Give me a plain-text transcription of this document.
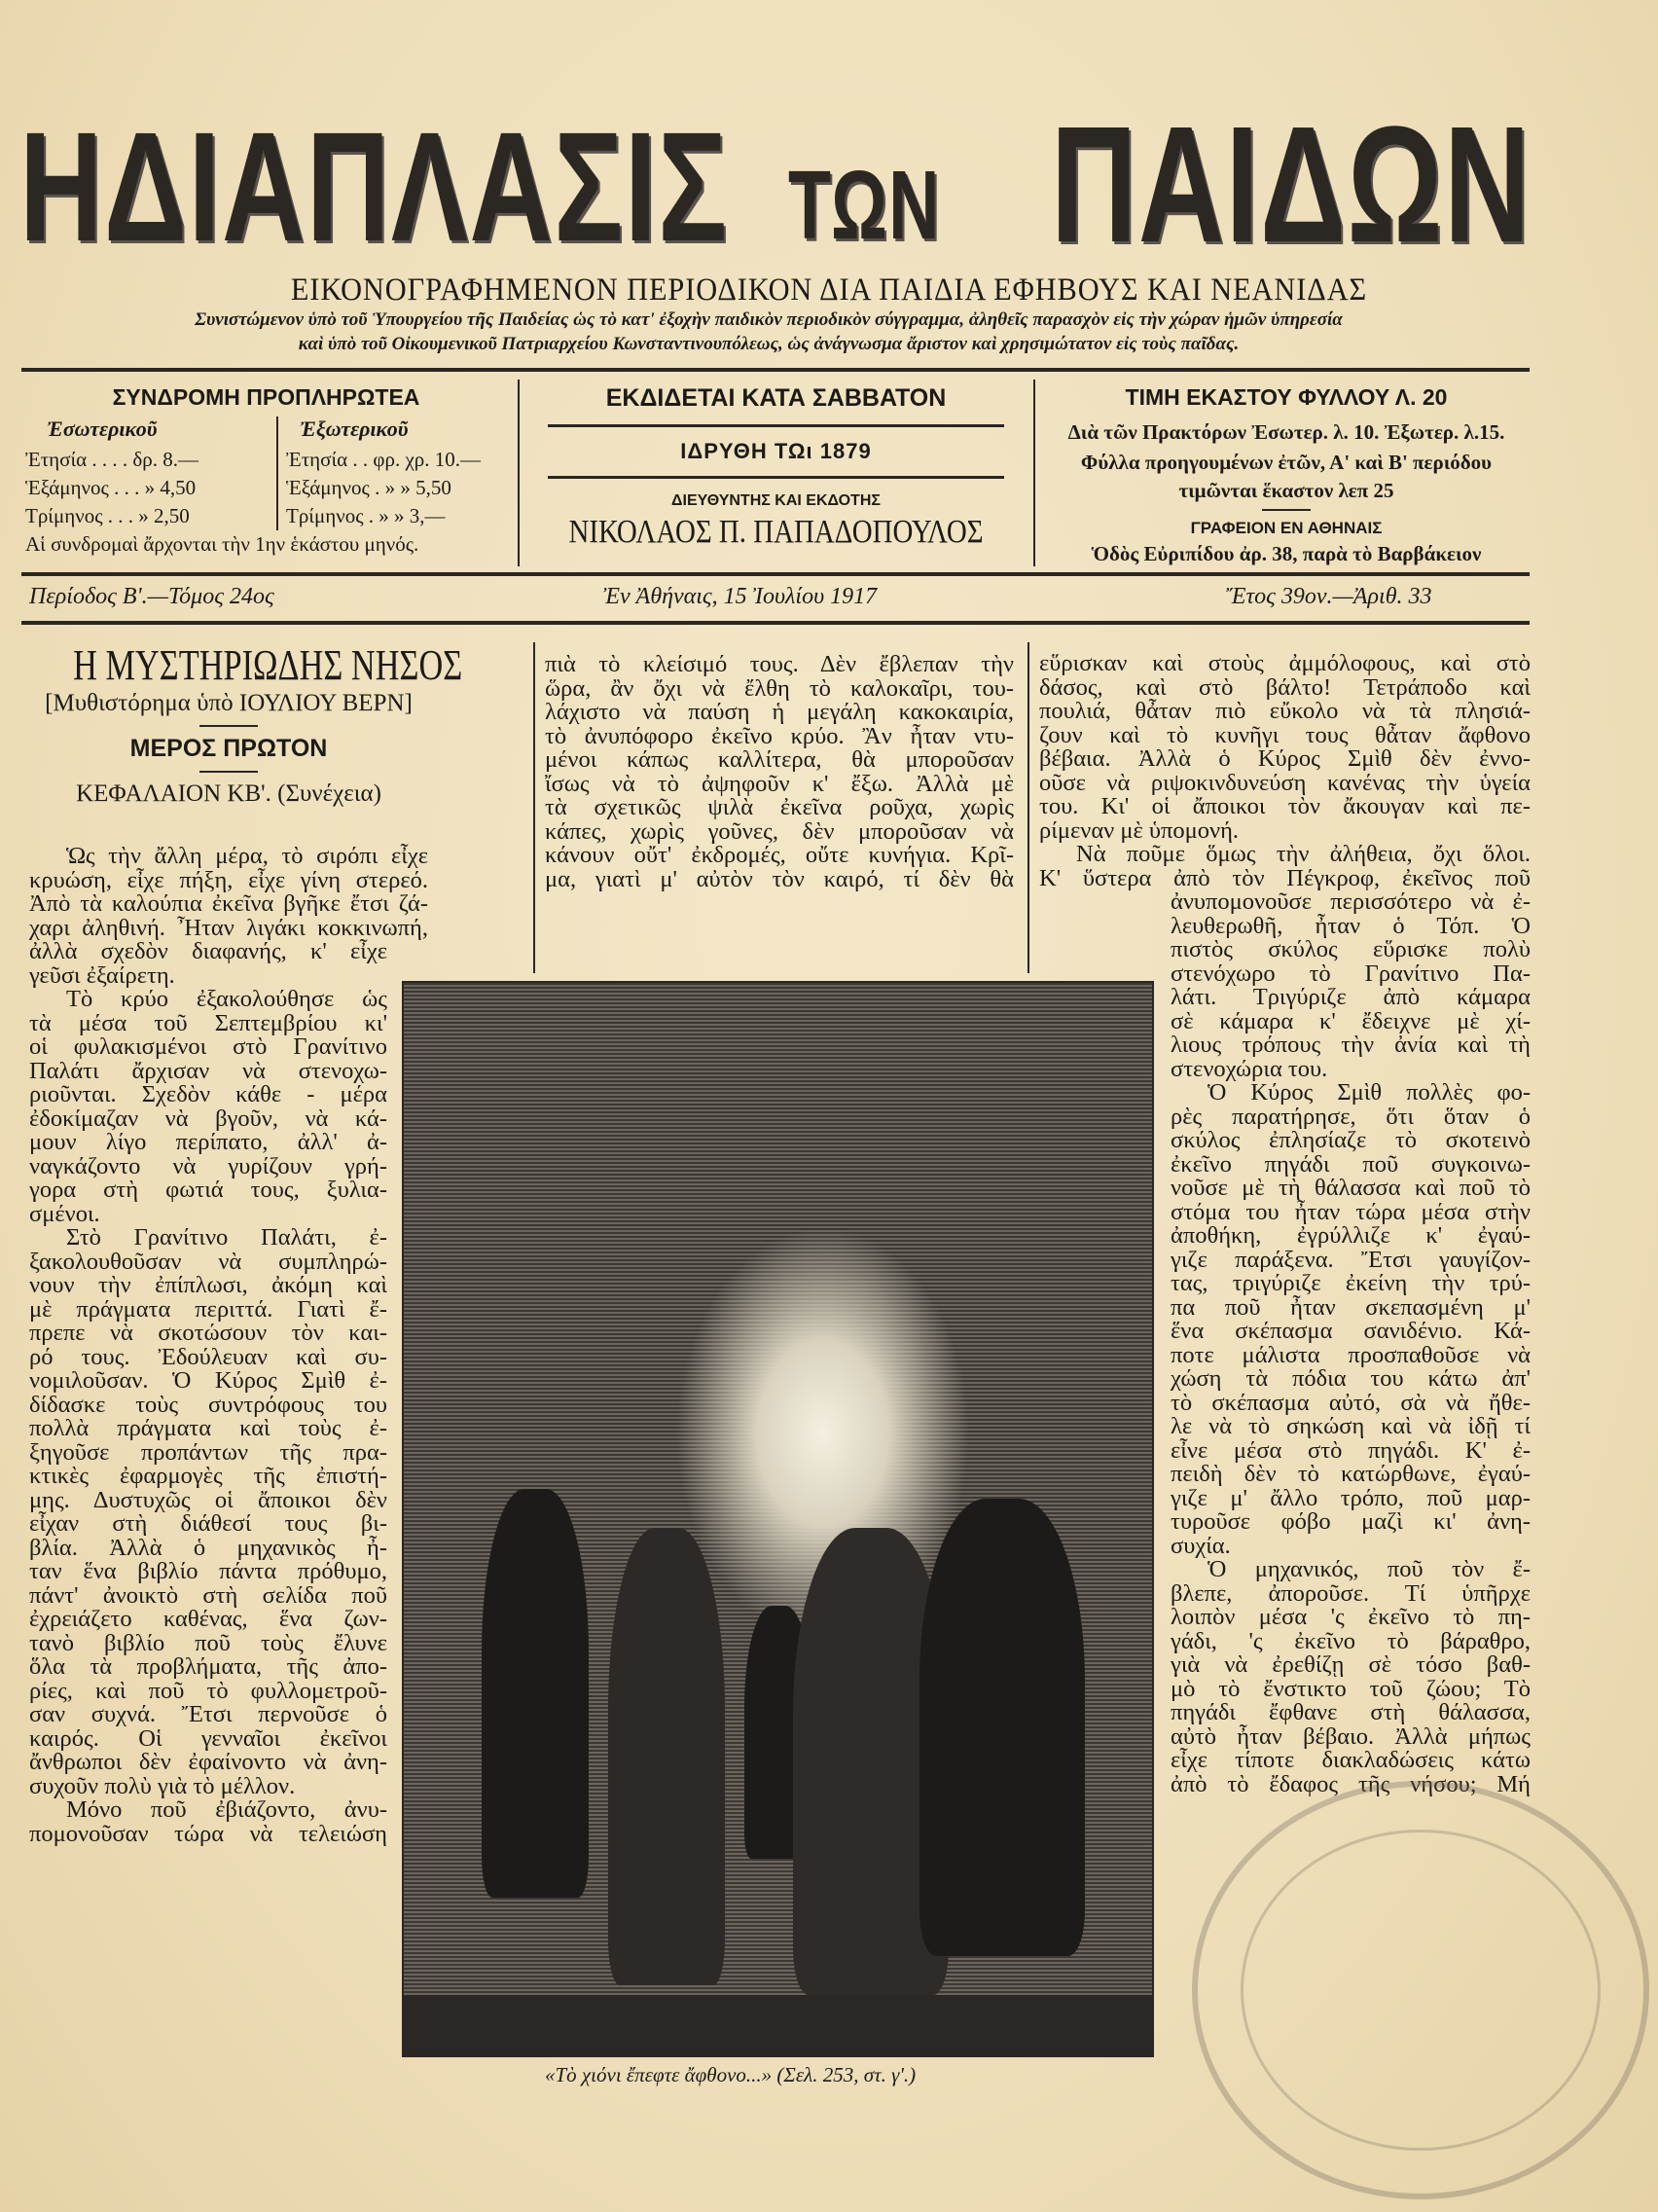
ΗΔΙΑΠΛΑΣΙΣ ΤΩΝ ΠΑΙΔΩΝ
ΕΙΚΟΝΟΓΡΑΦΗΜΕΝΟΝ ΠΕΡΙΟΔΙΚΟΝ ΔΙΑ ΠΑΙΔΙΑ ΕΦΗΒΟΥΣ ΚΑΙ ΝΕΑΝΙΔΑΣ
Συνιστώμενον ὑπὸ τοῦ Ὑπουργείου τῆς Παιδείας ὡς τὸ κατ' ἐξοχὴν παιδικὸν περιοδικὸν σύγγραμμα, ἀληθεῖς παρασχὸν εἰς τὴν χώραν ἡμῶν ὑπηρεσία
καὶ ὑπὸ τοῦ Οἰκουμενικοῦ Πατριαρχείου Κωνσταντινουπόλεως, ὡς ἀνάγνωσμα ἄριστον καὶ χρησιμώτατον εἰς τοὺς παῖδας.
ΣΥΝΔΡΟΜΗ ΠΡΟΠΛΗΡΩΤΕΑ
Ἐσωτερικοῦ
Ἐτησία . . . . δρ. 8.—
Ἑξάμηνος . . . » 4,50
Τρίμηνος . . . » 2,50
Ἐξωτερικοῦ
Ἐτησία . . φρ. χρ. 10.—
Ἑξάμηνος . » » 5,50
Τρίμηνος . » » 3,—
Αἱ συνδρομαὶ ἄρχονται τὴν 1ην ἑκάστου μηνός.
ΕΚΔΙΔΕΤΑΙ ΚΑΤΑ ΣΑΒΒΑΤΟΝ
ΙΔΡΥΘΗ ΤΩι 1879
ΔΙΕΥΘΥΝΤΗΣ ΚΑΙ ΕΚΔΟΤΗΣ
ΝΙΚΟΛΑΟΣ Π. ΠΑΠΑΔΟΠΟΥΛΟΣ
ΤΙΜΗ ΕΚΑΣΤΟΥ ΦΥΛΛΟΥ Λ. 20
Διὰ τῶν Πρακτόρων Ἐσωτερ. λ. 10. Ἐξωτερ. λ.15.
Φύλλα προηγουμένων ἐτῶν, Α' καὶ Β' περιόδου
τιμῶνται ἕκαστον λεπ 25
ΓΡΑΦΕΙΟΝ ΕΝ ΑΘΗΝΑΙΣ
Ὁδὸς Εὐριπίδου ἀρ. 38, παρὰ τὸ Βαρβάκειον
Περίοδος Β'.—Τόμος 24ος	Ἐν Ἀθήναις, 15 Ἰουλίου 1917	Ἔτος 39ον.—Ἀριθ. 33
Η ΜΥΣΤΗΡΙΩΔΗΣ ΝΗΣΟΣ
[Μυθιστόρημα ὑπὸ ΙΟΥΛΙΟΥ ΒΕΡΝ]
ΜΕΡΟΣ ΠΡΩΤΟΝ
ΚΕΦΑΛΑΙΟΝ ΚΒ'. (Συνέχεια)
Ὡς τὴν ἄλλη μέρα, τὸ σιρόπι εἶχε
κρυώση, εἶχε πήξη, εἶχε γίνη στερεό.
Ἀπὸ τὰ καλούπια ἐκεῖνα βγῆκε ἔτσι ζά-
χαρι ἀληθινή. Ἦταν λιγάκι κοκκινωπή,
ἀλλὰ σχεδὸν διαφανής, κ' εἶχε
γεῦσι ἐξαίρετη.
Τὸ κρύο ἐξακολούθησε ὡς
τὰ μέσα τοῦ Σεπτεμβρίου κι'
οἱ φυλακισμένοι στὸ Γρανίτινο
Παλάτι ἄρχισαν νὰ στενοχω-
ριοῦνται. Σχεδὸν κάθε - μέρα
ἐδοκίμαζαν νὰ βγοῦν, νὰ κά-
μουν λίγο περίπατο, ἀλλ' ἀ-
ναγκάζοντο νὰ γυρίζουν γρή-
γορα στὴ φωτιά τους, ξυλια-
σμένοι.
Στὸ Γρανίτινο Παλάτι, ἐ-
ξακολουθοῦσαν νὰ συμπληρώ-
νουν τὴν ἐπίπλωσι, ἀκόμη καὶ
μὲ πράγματα περιττά. Γιατὶ ἔ-
πρεπε νὰ σκοτώσουν τὸν και-
ρό τους. Ἐδούλευαν καὶ συ-
νομιλοῦσαν. Ὁ Κύρος Σμὶθ ἐ-
δίδασκε τοὺς συντρόφους του
πολλὰ πράγματα καὶ τοὺς ἐ-
ξηγοῦσε προπάντων τῆς πρα-
κτικὲς ἐφαρμογὲς τῆς ἐπιστή-
μης. Δυστυχῶς οἱ ἄποικοι δὲν
εἶχαν στὴ διάθεσί τους βι-
βλία. Ἀλλὰ ὁ μηχανικὸς ἦ-
ταν ἕνα βιβλίο πάντα πρόθυμο,
πάντ' ἀνοικτὸ στὴ σελίδα ποῦ
ἐχρειάζετο καθένας, ἕνα ζων-
τανὸ βιβλίο ποῦ τοὺς ἔλυνε
ὅλα τὰ προβλήματα, τῆς ἀπο-
ρίες, καὶ ποῦ τὸ φυλλομετροῦ-
σαν συχνά. Ἔτσι περνοῦσε ὁ
καιρός. Οἱ γενναῖοι ἐκεῖνοι
ἄνθρωποι δὲν ἐφαίνοντο νὰ ἀνη-
συχοῦν πολὺ γιὰ τὸ μέλλον.
Μόνο ποῦ ἐβιάζοντο, ἀνυ-
πομονοῦσαν τώρα νὰ τελειώση
πιὰ τὸ κλείσιμό τους. Δὲν ἔβλεπαν τὴν
ὥρα, ἂν ὄχι νὰ ἔλθη τὸ καλοκαῖρι, του-
λάχιστο νὰ παύση ἡ μεγάλη κακοκαιρία,
τὸ ἀνυπόφορο ἐκεῖνο κρύο. Ἂν ἦταν ντυ-
μένοι κάπως καλλίτερα, θὰ μποροῦσαν
ἴσως νὰ τὸ ἀψηφοῦν κ' ἔξω. Ἀλλὰ μὲ
τὰ σχετικῶς ψιλὰ ἐκεῖνα ροῦχα, χωρὶς
κάπες, χωρὶς γοῦνες, δὲν μποροῦσαν νὰ
κάνουν οὔτ' ἐκδρομές, οὔτε κυνήγια. Κρῖ-
μα, γιατὶ μ' αὐτὸν τὸν καιρό, τί δὲν θὰ
εὕρισκαν καὶ στοὺς ἀμμόλοφους, καὶ στὸ
δάσος, καὶ στὸ βάλτο! Τετράποδο καὶ
πουλιά, θἆταν πιὸ εὔκολο νὰ τὰ πλησιά-
ζουν καὶ τὸ κυνῆγι τους θἆταν ἄφθονο
βέβαια. Ἀλλὰ ὁ Κύρος Σμὶθ δὲν ἐννο-
οῦσε νὰ ριψοκινδυνεύση κανένας τὴν ὑγεία
του. Κι' οἱ ἄποικοι τὸν ἄκουγαν καὶ πε-
ρίμεναν μὲ ὑπομονή.
Νὰ ποῦμε ὅμως τὴν ἀλήθεια, ὄχι ὅλοι.
Κ' ὕστερα ἀπὸ τὸν Πέγκροφ, ἐκεῖνος ποῦ
ἀνυπομονοῦσε περισσότερο νὰ ἐ-
λευθερωθῆ, ἦταν ὁ Τόπ. Ὁ
πιστὸς σκύλος εὕρισκε πολὺ
στενόχωρο τὸ Γρανίτινο Πα-
λάτι. Τριγύριζε ἀπὸ κάμαρα
σὲ κάμαρα κ' ἔδειχνε μὲ χί-
λιους τρόπους τὴν ἀνία καὶ τὴ
στενοχώρια του.
Ὁ Κύρος Σμὶθ πολλὲς φο-
ρὲς παρατήρησε, ὅτι ὅταν ὁ
σκύλος ἐπλησίαζε τὸ σκοτεινὸ
ἐκεῖνο πηγάδι ποῦ συγκοινω-
νοῦσε μὲ τὴ θάλασσα καὶ ποῦ τὸ
στόμα του ἦταν τώρα μέσα στὴν
ἀποθήκη, ἐγρύλλιζε κ' ἐγαύ-
γιζε παράξενα. Ἔτσι γαυγίζον-
τας, τριγύριζε ἐκείνη τὴν τρύ-
πα ποῦ ἦταν σκεπασμένη μ'
ἕνα σκέπασμα σανιδένιο. Κά-
ποτε μάλιστα προσπαθοῦσε νὰ
χώση τὰ πόδια του κάτω ἀπ'
τὸ σκέπασμα αὐτό, σὰ νὰ ἤθε-
λε νὰ τὸ σηκώση καὶ νὰ ἰδῇ τί
εἶνε μέσα στὸ πηγάδι. Κ' ἐ-
πειδὴ δὲν τὸ κατώρθωνε, ἐγαύ-
γιζε μ' ἄλλο τρόπο, ποῦ μαρ-
τυροῦσε φόβο μαζὶ κι' ἀνη-
συχία.
Ὁ μηχανικός, ποῦ τὸν ἔ-
βλεπε, ἀποροῦσε. Τί ὑπῆρχε
λοιπὸν μέσα 'ς ἐκεῖνο τὸ πη-
γάδι, 'ς ἐκεῖνο τὸ βάραθρο,
γιὰ νὰ ἐρεθίζῃ σὲ τόσο βαθ-
μὸ τὸ ἔνστικτο τοῦ ζώου; Τὸ
πηγάδι ἔφθανε στὴ θάλασσα,
αὐτὸ ἦταν βέβαιο. Ἀλλὰ μήπως
εἶχε τίποτε διακλαδώσεις κάτω
ἀπὸ τὸ ἔδαφος τῆς νήσου; Μή
«Τὸ χιόνι ἔπεφτε ἄφθονο...» (Σελ. 253, στ. γ'.)
